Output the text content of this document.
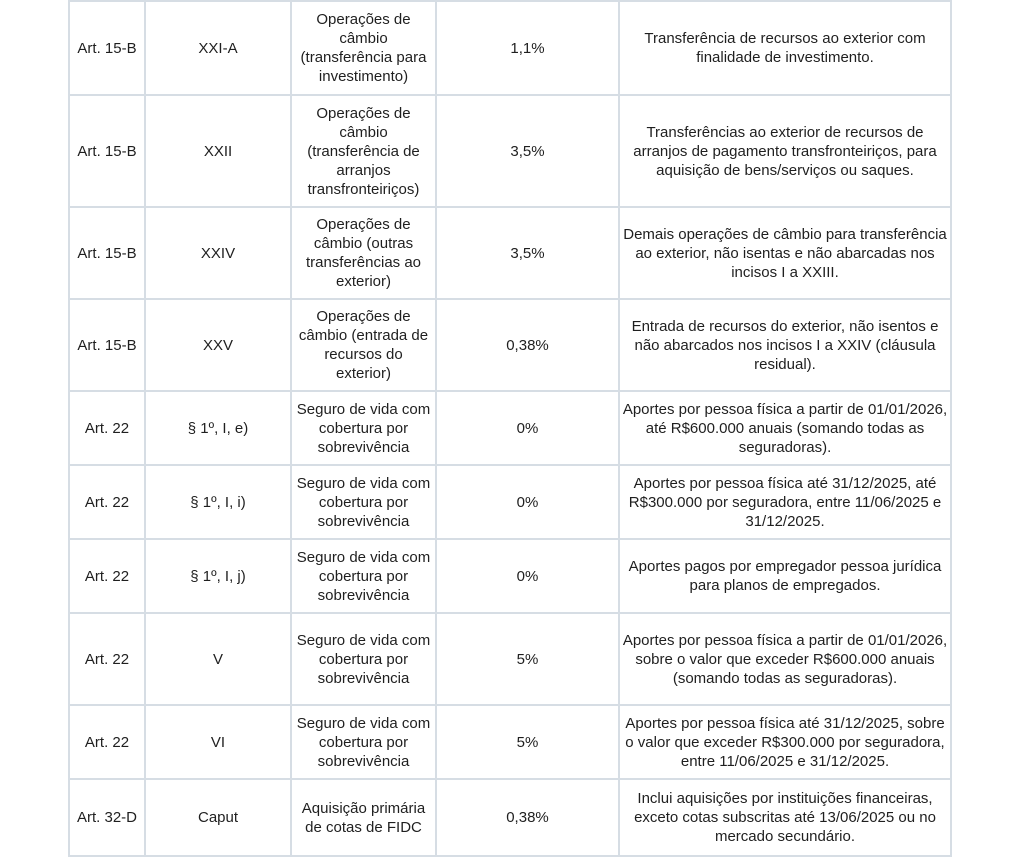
Art. 15-B	XXI-A	Operações de câmbio (transferência para investimento)	1,1%	Transferência de recursos ao exterior com finalidade de investimento.
Art. 15-B	XXII	Operações de câmbio (transferência de arranjos transfronteiriços)	3,5%	Transferências ao exterior de recursos de arranjos de pagamento transfronteiriços, para aquisição de bens/serviços ou saques.
Art. 15-B	XXIV	Operações de câmbio (outras transferências ao exterior)	3,5%	Demais operações de câmbio para transferência ao exterior, não isentas e não abarcadas nos incisos I a XXIII.
Art. 15-B	XXV	Operações de câmbio (entrada de recursos do exterior)	0,38%	Entrada de recursos do exterior, não isentos e não abarcados nos incisos I a XXIV (cláusula residual).
Art. 22	§ 1º, I, e)	Seguro de vida com cobertura por sobrevivência	0%	Aportes por pessoa física a partir de 01/01/2026, até R$600.000 anuais (somando todas as seguradoras).
Art. 22	§ 1º, I, i)	Seguro de vida com cobertura por sobrevivência	0%	Aportes por pessoa física até 31/12/2025, até R$300.000 por seguradora, entre 11/06/2025 e 31/12/2025.
Art. 22	§ 1º, I, j)	Seguro de vida com cobertura por sobrevivência	0%	Aportes pagos por empregador pessoa jurídica para planos de empregados.
Art. 22	V	Seguro de vida com cobertura por sobrevivência	5%	Aportes por pessoa física a partir de 01/01/2026, sobre o valor que exceder R$600.000 anuais (somando todas as seguradoras).
Art. 22	VI	Seguro de vida com cobertura por sobrevivência	5%	Aportes por pessoa física até 31/12/2025, sobre o valor que exceder R$300.000 por seguradora, entre 11/06/2025 e 31/12/2025.
Art. 32-D	Caput	Aquisição primária de cotas de FIDC	0,38%	Inclui aquisições por instituições financeiras, exceto cotas subscritas até 13/06/2025 ou no mercado secundário.
